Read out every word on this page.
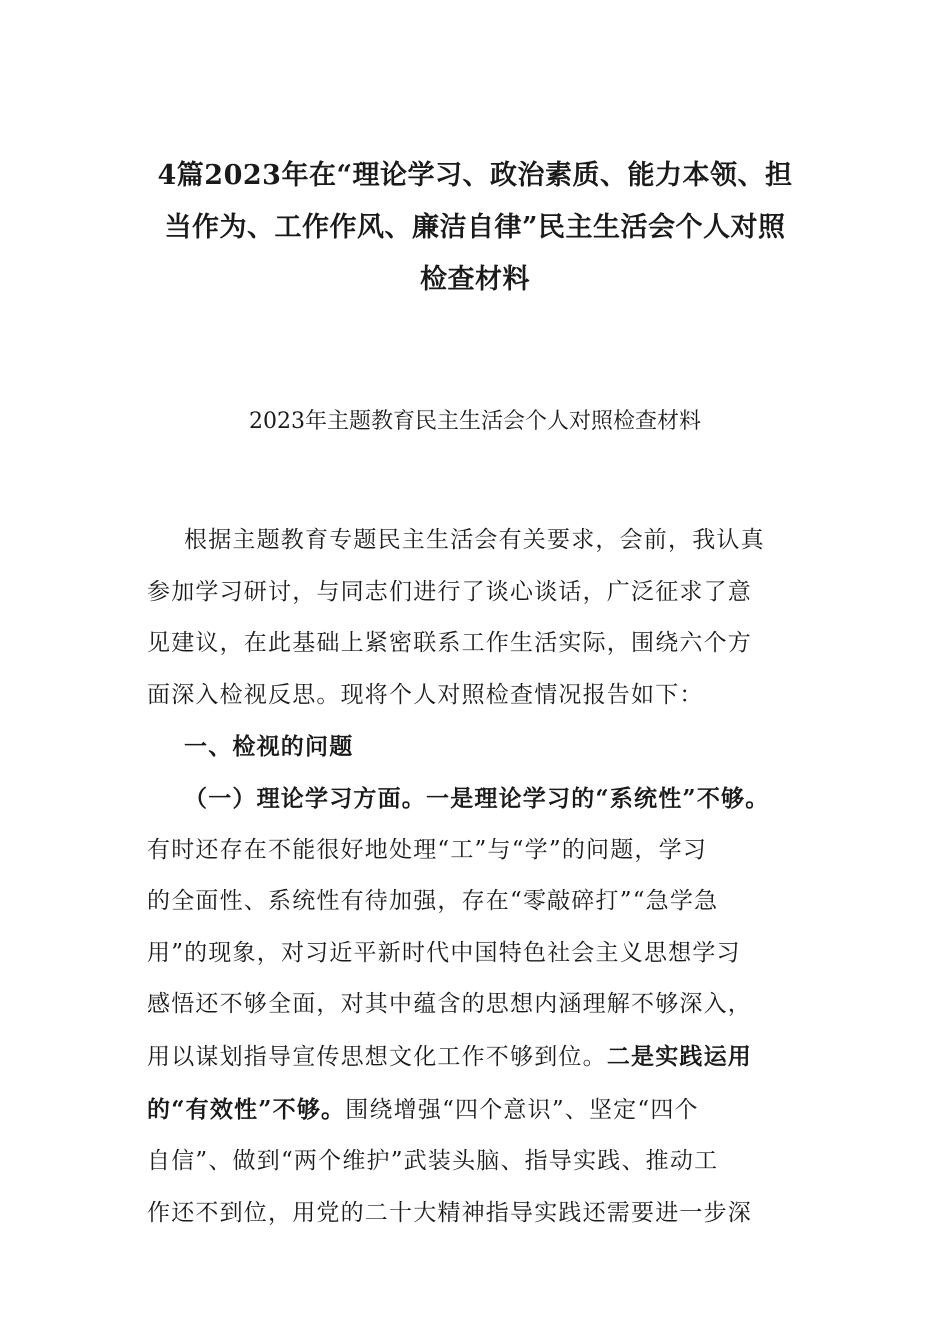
4篇2023年在“理论学习、政治素质、能力本领、担
当作为、工作作风、廉洁自律”民主生活会个人对照
检查材料
2023年主题教育民主生活会个人对照检查材料
根据主题教育专题民主生活会有关要求，会前，我认真
参加学习研讨，与同志们进行了谈心谈话，广泛征求了意
见建议，在此基础上紧密联系工作生活实际，围绕六个方
面深入检视反思。现将个人对照检查情况报告如下：
一、检视的问题
（一）理论学习方面。一是理论学习的“系统性”不够。
有时还存在不能很好地处理“工”与“学”的问题，学习
的全面性、系统性有待加强，存在“零敲碎打”“急学急
用”的现象，对习近平新时代中国特色社会主义思想学习
感悟还不够全面，对其中蕴含的思想内涵理解不够深入，
用以谋划指导宣传思想文化工作不够到位。二是实践运用
的“有效性”不够。围绕增强“四个意识”、坚定“四个
自信”、做到“两个维护”武装头脑、指导实践、推动工
作还不到位，用党的二十大精神指导实践还需要进一步深
